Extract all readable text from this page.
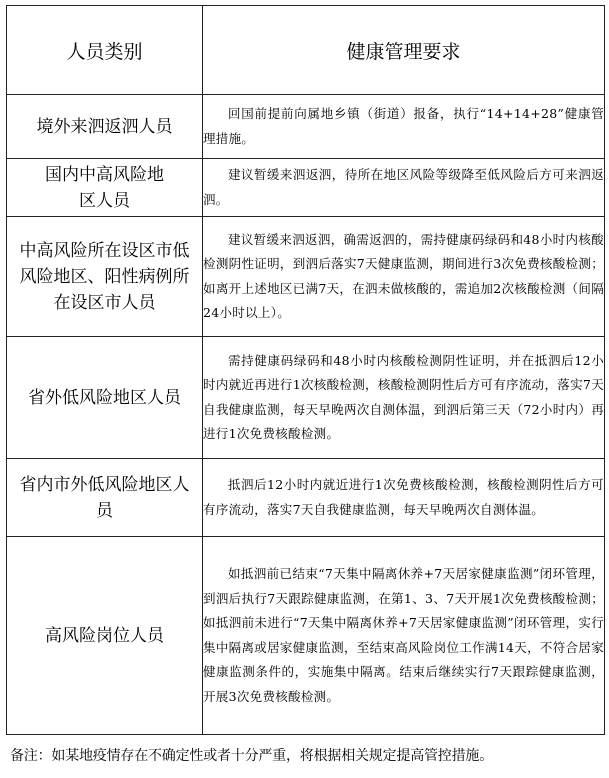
人员类别	健康管理要求
境外来泗返泗人员	回国前提前向属地乡镇（街道）报备，执行“14+14+28”健康管理措施。

国内中高风险地区人员	建议暂缓来泗返泗，待所在地区风险等级降至低风险后方可来泗返泗。

中高风险所在设区市低风险地区、阳性病例所在设区市人员	建议暂缓来泗返泗，确需返泗的，需持健康码绿码和48小时内核酸检测阴性证明，到泗后落实7天健康监测，期间进行3次免费核酸检测；如离开上述地区已满7天，在泗未做核酸的，需追加2次核酸检测（间隔24小时以上）。

省外低风险地区人员	需持健康码绿码和48小时内核酸检测阴性证明，并在抵泗后12小时内就近再进行1次核酸检测，核酸检测阴性后方可有序流动，落实7天自我健康监测，每天早晚两次自测体温，到泗后第三天（72小时内）再进行1次免费核酸检测。

省内市外低风险地区人员	抵泗后12小时内就近进行1次免费核酸检测，核酸检测阴性后方可有序流动，落实7天自我健康监测，每天早晚两次自测体温。

高风险岗位人员	如抵泗前已结束“7天集中隔离休养+7天居家健康监测”闭环管理，到泗后执行7天跟踪健康监测，在第1、3、7天开展1次免费核酸检测；如抵泗前未进行“7天集中隔离休养+7天居家健康监测”闭环管理，实行集中隔离或居家健康监测，至结束高风险岗位工作满14天，不符合居家健康监测条件的，实施集中隔离。结束后继续实行7天跟踪健康监测，开展3次免费核酸检测。
备注：如某地疫情存在不确定性或者十分严重，将根据相关规定提高管控措施。
